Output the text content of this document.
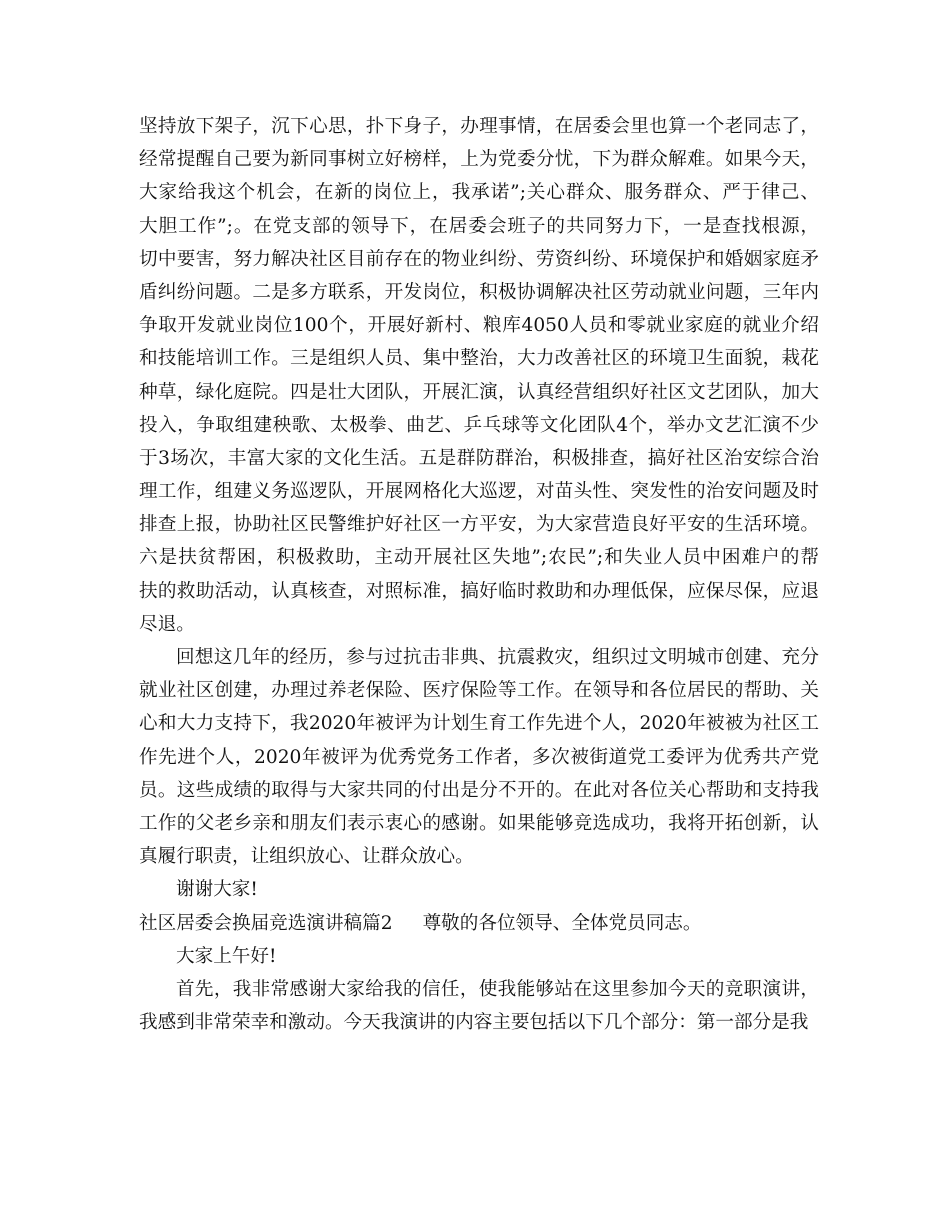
坚持放下架子，沉下心思，扑下身子，办理事情，在居委会里也算一个老同志了，
经常提醒自己要为新同事树立好榜样，上为党委分忧，下为群众解难。如果今天，
大家给我这个机会，在新的岗位上，我承诺”;关心群众、服务群众、严于律己、
大胆工作”;。在党支部的领导下，在居委会班子的共同努力下，一是查找根源，
切中要害，努力解决社区目前存在的物业纠纷、劳资纠纷、环境保护和婚姻家庭矛
盾纠纷问题。二是多方联系，开发岗位，积极协调解决社区劳动就业问题，三年内
争取开发就业岗位100个，开展好新村、粮库4050人员和零就业家庭的就业介绍
和技能培训工作。三是组织人员、集中整治，大力改善社区的环境卫生面貌，栽花
种草，绿化庭院。四是壮大团队，开展汇演，认真经营组织好社区文艺团队，加大
投入，争取组建秧歌、太极拳、曲艺、乒乓球等文化团队4个，举办文艺汇演不少
于3场次，丰富大家的文化生活。五是群防群治，积极排查，搞好社区治安综合治
理工作，组建义务巡逻队，开展网格化大巡逻，对苗头性、突发性的治安问题及时
排查上报，协助社区民警维护好社区一方平安，为大家营造良好平安的生活环境。
六是扶贫帮困，积极救助，主动开展社区失地”;农民”;和失业人员中困难户的帮
扶的救助活动，认真核查，对照标准，搞好临时救助和办理低保，应保尽保，应退
尽退。
回想这几年的经历，参与过抗击非典、抗震救灾，组织过文明城市创建、充分
就业社区创建，办理过养老保险、医疗保险等工作。在领导和各位居民的帮助、关
心和大力支持下，我2020年被评为计划生育工作先进个人，2020年被被为社区工
作先进个人，2020年被评为优秀党务工作者，多次被街道党工委评为优秀共产党
员。这些成绩的取得与大家共同的付出是分不开的。在此对各位关心帮助和支持我
工作的父老乡亲和朋友们表示衷心的感谢。如果能够竞选成功，我将开拓创新，认
真履行职责，让组织放心、让群众放心。
谢谢大家!
社区居委会换届竞选演讲稿篇2 尊敬的各位领导、全体党员同志。
大家上午好!
首先，我非常感谢大家给我的信任，使我能够站在这里参加今天的竞职演讲，
我感到非常荣幸和激动。今天我演讲的内容主要包括以下几个部分：第一部分是我
